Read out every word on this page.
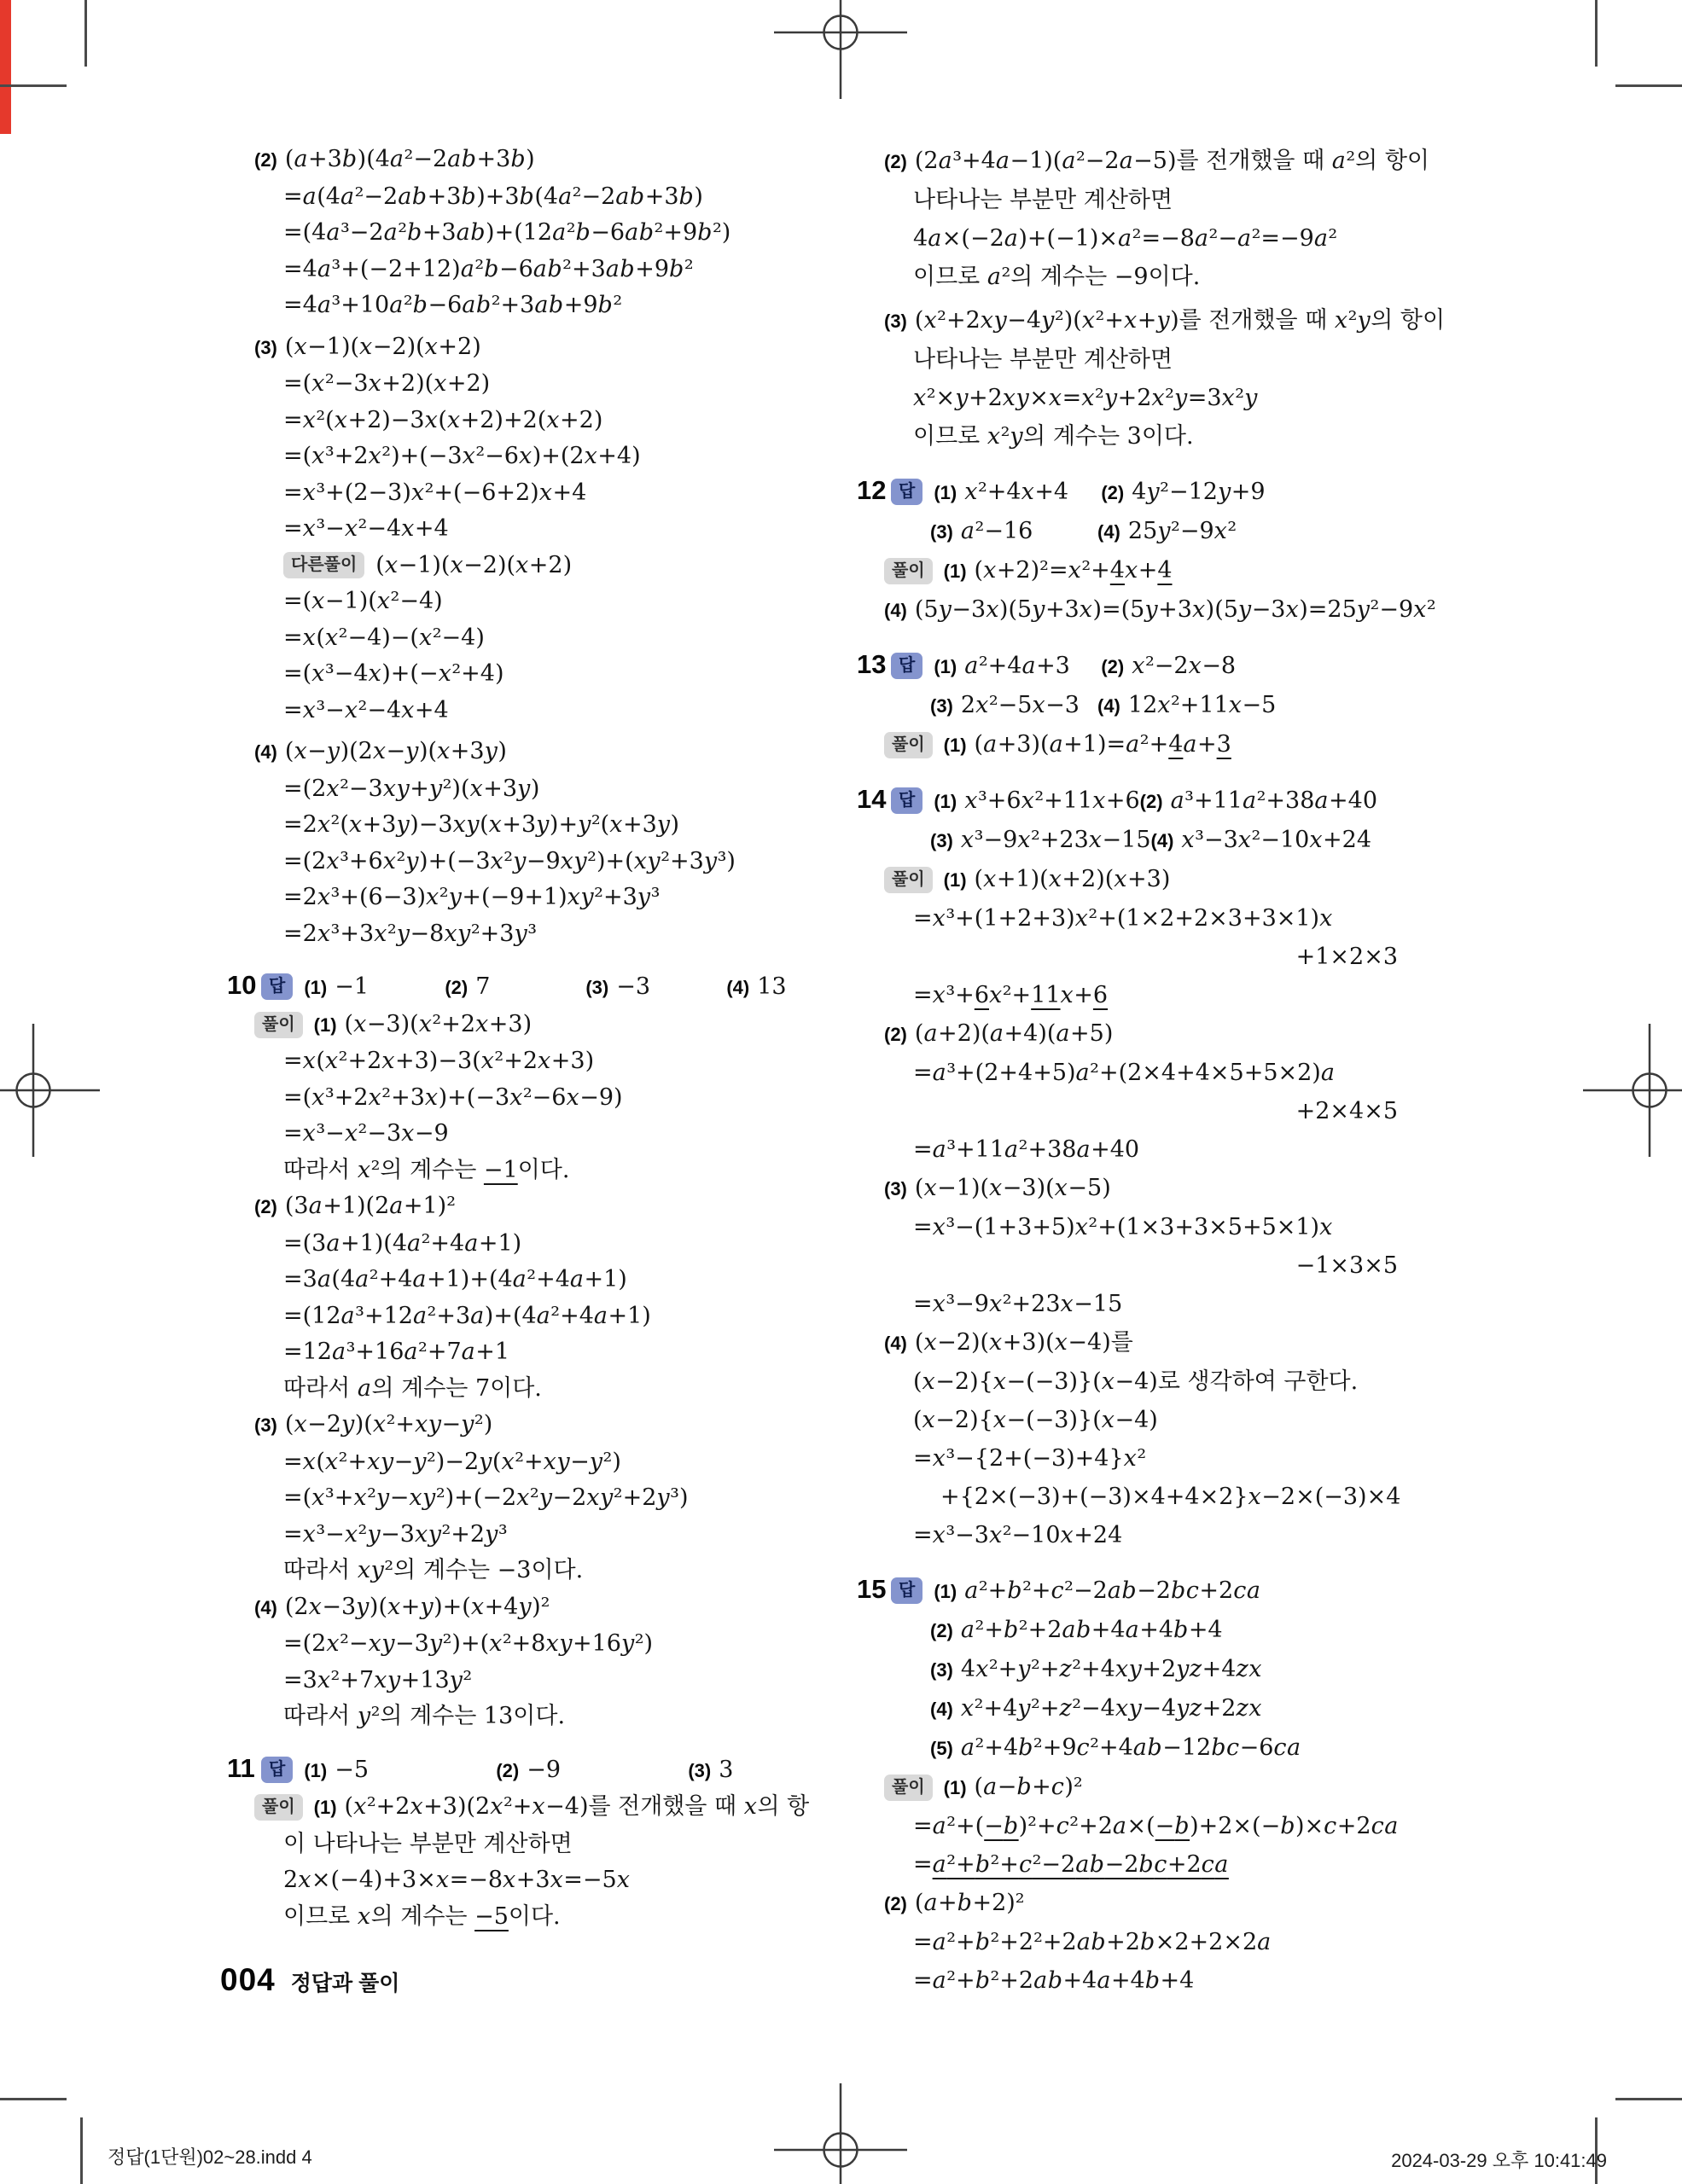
(2) (a+3b)(4a²−2ab+3b)
=a(4a²−2ab+3b)+3b(4a²−2ab+3b)
=(4a³−2a²b+3ab)+(12a²b−6ab²+9b²)
=4a³+(−2+12)a²b−6ab²+3ab+9b²
=4a³+10a²b−6ab²+3ab+9b²
(3) (x−1)(x−2)(x+2)
=(x²−3x+2)(x+2)
=x²(x+2)−3x(x+2)+2(x+2)
=(x³+2x²)+(−3x²−6x)+(2x+4)
=x³+(2−3)x²+(−6+2)x+4
=x³−x²−4x+4
다른풀이 (x−1)(x−2)(x+2)
=(x−1)(x²−4)
=x(x²−4)−(x²−4)
=(x³−4x)+(−x²+4)
=x³−x²−4x+4
(4) (x−y)(2x−y)(x+3y)
=(2x²−3xy+y²)(x+3y)
=2x²(x+3y)−3xy(x+3y)+y²(x+3y)
=(2x³+6x²y)+(−3x²y−9xy²)+(xy²+3y³)
=2x³+(6−3)x²y+(−9+1)xy²+3y³
=2x³+3x²y−8xy²+3y³
10 답	(1) −1	(2) 7	(3) −3	(4) 13
풀이	(1) (x−3)(x²+2x+3)
=x(x²+2x+3)−3(x²+2x+3)
=(x³+2x²+3x)+(−3x²−6x−9)
=x³−x²−3x−9
따라서 x²의 계수는 −1이다.
(2) (3a+1)(2a+1)²
=(3a+1)(4a²+4a+1)
=3a(4a²+4a+1)+(4a²+4a+1)
=(12a³+12a²+3a)+(4a²+4a+1)
=12a³+16a²+7a+1
따라서 a의 계수는 7이다.
(3) (x−2y)(x²+xy−y²)
=x(x²+xy−y²)−2y(x²+xy−y²)
=(x³+x²y−xy²)+(−2x²y−2xy²+2y³)
=x³−x²y−3xy²+2y³
따라서 xy²의 계수는 −3이다.
(4) (2x−3y)(x+y)+(x+4y)²
=(2x²−xy−3y²)+(x²+8xy+16y²)
=3x²+7xy+13y²
따라서 y²의 계수는 13이다.
11 답	(1) −5	(2) −9	(3) 3
풀이	(1) (x²+2x+3)(2x²+x−4)를 전개했을 때 x의 항
이 나타나는 부분만 계산하면
2x×(−4)+3×x=−8x+3x=−5x
이므로 x의 계수는 −5이다.
(2) (2a³+4a−1)(a²−2a−5)를 전개했을 때 a²의 항이
나타나는 부분만 계산하면
4a×(−2a)+(−1)×a²=−8a²−a²=−9a²
이므로 a²의 계수는 −9이다.
(3) (x²+2xy−4y²)(x²+x+y)를 전개했을 때 x²y의 항이
나타나는 부분만 계산하면
x²×y+2xy×x=x²y+2x²y=3x²y
이므로 x²y의 계수는 3이다.
12 답	(1) x²+4x+4 (2) 4y²−12y+9
(3) a²−16	(4) 25y²−9x²
풀이	(1) (x+2)²=x²+4x+4
(4) (5y−3x)(5y+3x)=(5y+3x)(5y−3x)=25y²−9x²
13 답	(1) a²+4a+3 (2) x²−2x−8
(3) 2x²−5x−3 (4) 12x²+11x−5
풀이	(1) (a+3)(a+1)=a²+4a+3
14 답	(1) x³+6x²+11x+6 (2) a³+11a²+38a+40
(3) x³−9x²+23x−15 (4) x³−3x²−10x+24
풀이	(1) (x+1)(x+2)(x+3)
=x³+(1+2+3)x²+(1×2+2×3+3×1)x
+1×2×3
=x³+6x²+11x+6
(2) (a+2)(a+4)(a+5)
=a³+(2+4+5)a²+(2×4+4×5+5×2)a
+2×4×5
=a³+11a²+38a+40
(3) (x−1)(x−3)(x−5)
=x³−(1+3+5)x²+(1×3+3×5+5×1)x
−1×3×5
=x³−9x²+23x−15
(4) (x−2)(x+3)(x−4)를
(x−2){x−(−3)}(x−4)로 생각하여 구한다.
(x−2){x−(−3)}(x−4)
=x³−{2+(−3)+4}x²
+{2×(−3)+(−3)×4+4×2}x−2×(−3)×4
=x³−3x²−10x+24
15 답	(1) a²+b²+c²−2ab−2bc+2ca
(2) a²+b²+2ab+4a+4b+4
(3) 4x²+y²+z²+4xy+2yz+4zx
(4) x²+4y²+z²−4xy−4yz+2zx
(5) a²+4b²+9c²+4ab−12bc−6ca
풀이	(1) (a−b+c)²
=a²+(−b)²+c²+2a×(−b)+2×(−b)×c+2ca
=a²+b²+c²−2ab−2bc+2ca
(2) (a+b+2)²
=a²+b²+2²+2ab+2b×2+2×2a
=a²+b²+2ab+4a+4b+4
004 정답과 풀이
정답(1단원)02~28.indd 4	2024-03-29 오후 10:41:49
